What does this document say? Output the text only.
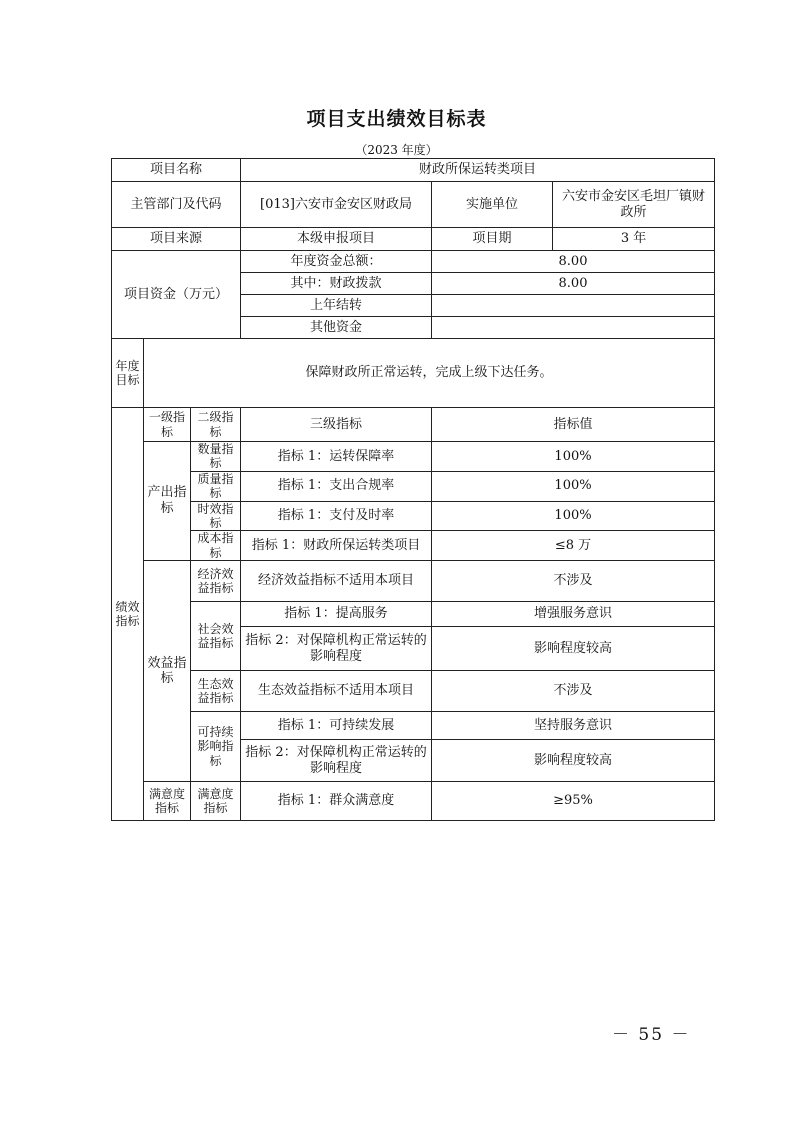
项目支出绩效目标表
（2023 年度）
项目名称			财政所保运转类项目		
主管部门及代码			[013]六安市金安区财政局	实施单位	六安市金安区毛坦厂镇财政所
项目来源			本级申报项目	项目期	3 年
项目资金（万元）			年度资金总额：	8.00	
			其中：财政拨款	8.00	
			上年结转		
			其他资金		
年度目标	保障财政所正常运转，完成上级下达任务。				
绩效指标	一级指标	二级指标	三级指标	指标值	
	产出指标	数量指标	指标 1：运转保障率	100%	
		质量指标	指标 1：支出合规率	100%	
		时效指标	指标 1：支付及时率	100%	
		成本指标	指标 1：财政所保运转类项目	≤8 万	
	效益指标	经济效益指标	经济效益指标不适用本项目	不涉及	
		社会效益指标	指标 1：提高服务	增强服务意识	
			指标 2：对保障机构正常运转的影响程度	影响程度较高	

		生态效益指标	生态效益指标不适用本项目	不涉及	
		可持续影响指标	指标 1：可持续发展	坚持服务意识	
			指标 2：对保障机构正常运转的影响程度	影响程度较高	

	满意度指标	满意度指标	指标 1：群众满意度	≥95%	
－ 55 －
